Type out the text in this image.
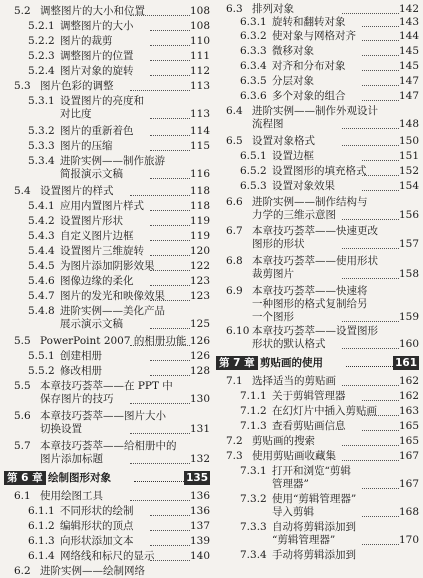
5.2 调整图片的大小和位置	108
5.2.1 调整图片的大小	108
5.2.2 图片的裁剪	110
5.2.3 调整图片的位置	111
5.2.4 图片对象的旋转	112
5.3 图片色彩的调整	113
5.3.1 设置图片的亮度和
对比度	113
5.3.2 图片的重新着色	114
5.3.3 图片的压缩	115
5.3.4 进阶实例——制作旅游
简报演示文稿	116
5.4 设置图片的样式	118
5.4.1 应用内置图片样式	118
5.4.2 设置图片形状	119
5.4.3 自定义图片边框	119
5.4.4 设置图片三维旋转	120
5.4.5 为图片添加阴影效果	122
5.4.6 图像边缘的柔化	123
5.4.7 图片的发光和映像效果 123
5.4.8 进阶实例——美化产品
展示演示文稿	125
5.5 PowerPoint 2007 的相册功能 126
5.5.1 创建相册	126
5.5.2 修改相册	128
5.5 本章技巧荟萃——在 PPT 中
保存图片的技巧	130
5.6 本章技巧荟萃——图片大小
切换设置	131
5.7 本章技巧荟萃——给相册中的
图片添加标题	132
第 6 章 绘制图形对象	135
6.1 使用绘图工具	136
6.1.1 不同形状的绘制	136
6.1.2 编辑形状的顶点	137
6.1.3 向形状添加文本	139
6.1.4 网络线和标尺的显示	140
6.2 进阶实例——绘制网络
6.3 排列对象	142
6.3.1 旋转和翻转对象	143
6.3.2 使对象与网格对齐	144
6.3.3 微移对象	145
6.3.4 对齐和分布对象	145
6.3.5 分层对象	147
6.3.6 多个对象的组合	147
6.4 进阶实例——制作外观设计
流程图	148
6.5 设置对象格式	150
6.5.1 设置边框	151
6.5.2 设置图形的填充格式	152
6.5.3 设置对象效果	154
6.6 进阶实例——制作结构与
力学的三维示意图	156
6.7 本章技巧荟萃——快速更改
图形的形状	157
6.8 本章技巧荟萃——使用形状
裁剪图片	158
6.9 本章技巧荟萃——快速将
一种图形的格式复制给另
一个图形	159
6.10 本章技巧荟萃——设置图形
形状的默认格式	160
第 7 章 剪贴画的使用	161
7.1 选择适当的剪贴画	162
7.1.1 关于剪辑管理器	162
7.1.2 在幻灯片中插入剪贴画 163
7.1.3 查看剪贴画信息	165
7.2 剪贴画的搜索	165
7.3 使用剪贴画收藏集	167
7.3.1 打开和浏览“剪辑
管理器”	167
7.3.2 使用“剪辑管理器”
导入剪辑	168
7.3.3 自动将剪辑添加到
“剪辑管理器”	170
7.3.4 手动将剪辑添加到
